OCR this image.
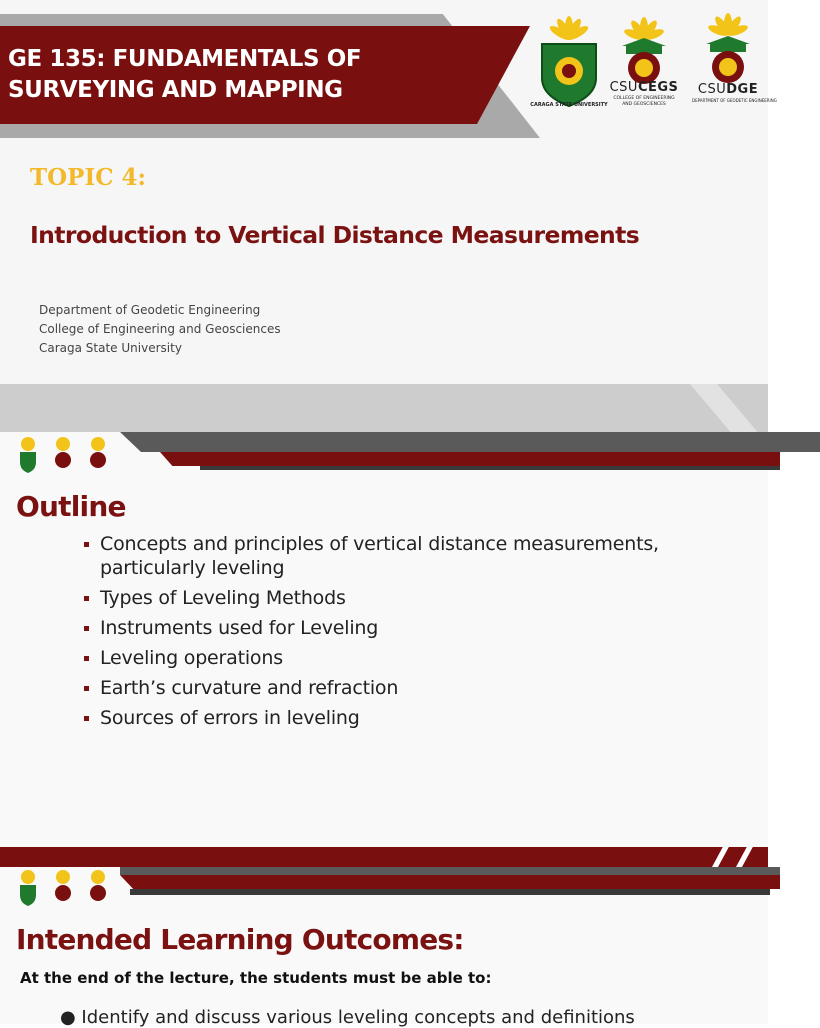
GE 135: FUNDAMENTALS OF
SURVEYING AND MAPPING
CARAGA STATE UNIVERSITY
CSUCEGS
COLLEGE OF ENGINEERING AND GEOSCIENCES
CSUDGE
DEPARTMENT OF GEODETIC ENGINEERING
TOPIC 4:
Introduction to Vertical Distance Measurements
Department of Geodetic Engineering
College of Engineering and Geosciences
Caraga State University
Outline
Concepts and principles of vertical distance measurements, particularly leveling
Types of Leveling Methods
Instruments used for Leveling
Leveling operations
Earth’s curvature and refraction
Sources of errors in leveling
Intended Learning Outcomes:
At the end of the lecture, the students must be able to:
● Identify and discuss various leveling concepts and definitions
